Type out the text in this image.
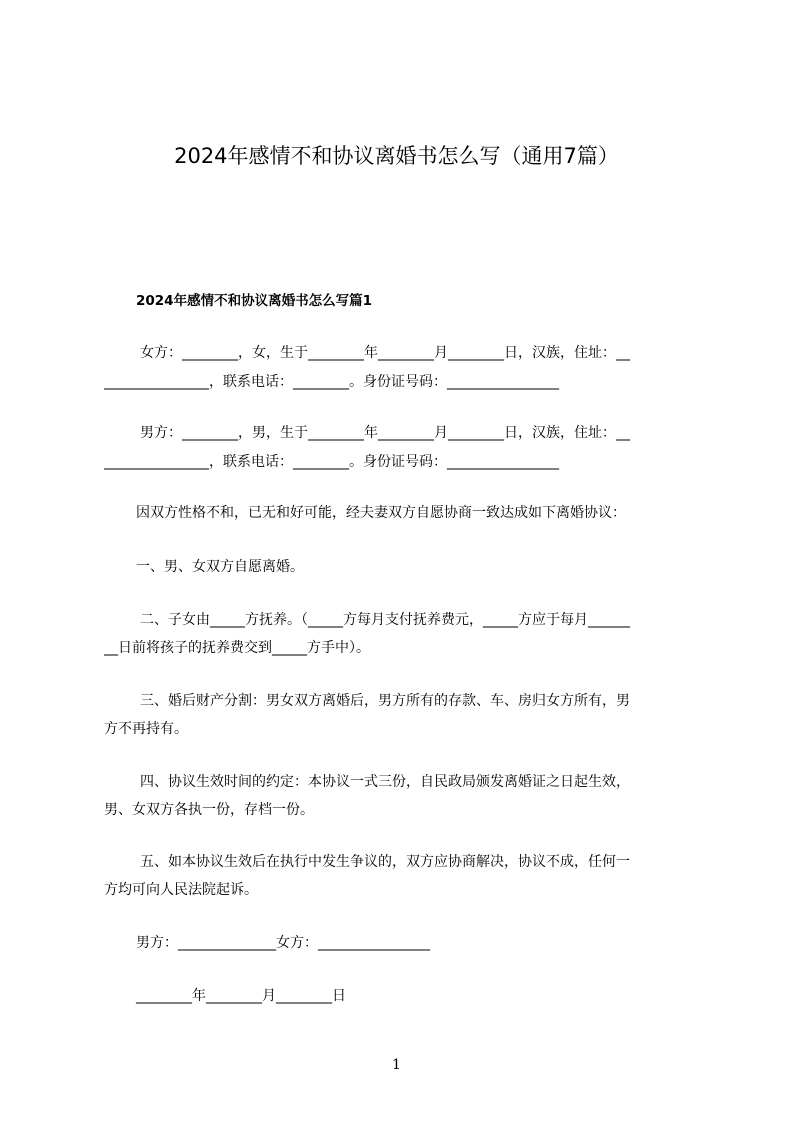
2024年感情不和协议离婚书怎么写（通用7篇）
2024年感情不和协议离婚书怎么写篇1
女方：________，女，生于________年________月________日，汉族，住址：__
_______________，联系电话：________。身份证号码：________________
男方：________，男，生于________年________月________日，汉族，住址：__
_______________，联系电话：________。身份证号码：________________
因双方性格不和，已无和好可能，经夫妻双方自愿协商一致达成如下离婚协议：
一、男、女双方自愿离婚。
二、子女由_____方抚养。（_____方每月支付抚养费元，_____方应于每月______
__日前将孩子的抚养费交到_____方手中）。
三、婚后财产分割：男女双方离婚后，男方所有的存款、车、房归女方所有，男
方不再持有。
四、协议生效时间的约定：本协议一式三份，自民政局颁发离婚证之日起生效，
男、女双方各执一份，存档一份。
五、如本协议生效后在执行中发生争议的，双方应协商解决，协议不成，任何一
方均可向人民法院起诉。
男方：______________女方：________________
________年________月________日
1
